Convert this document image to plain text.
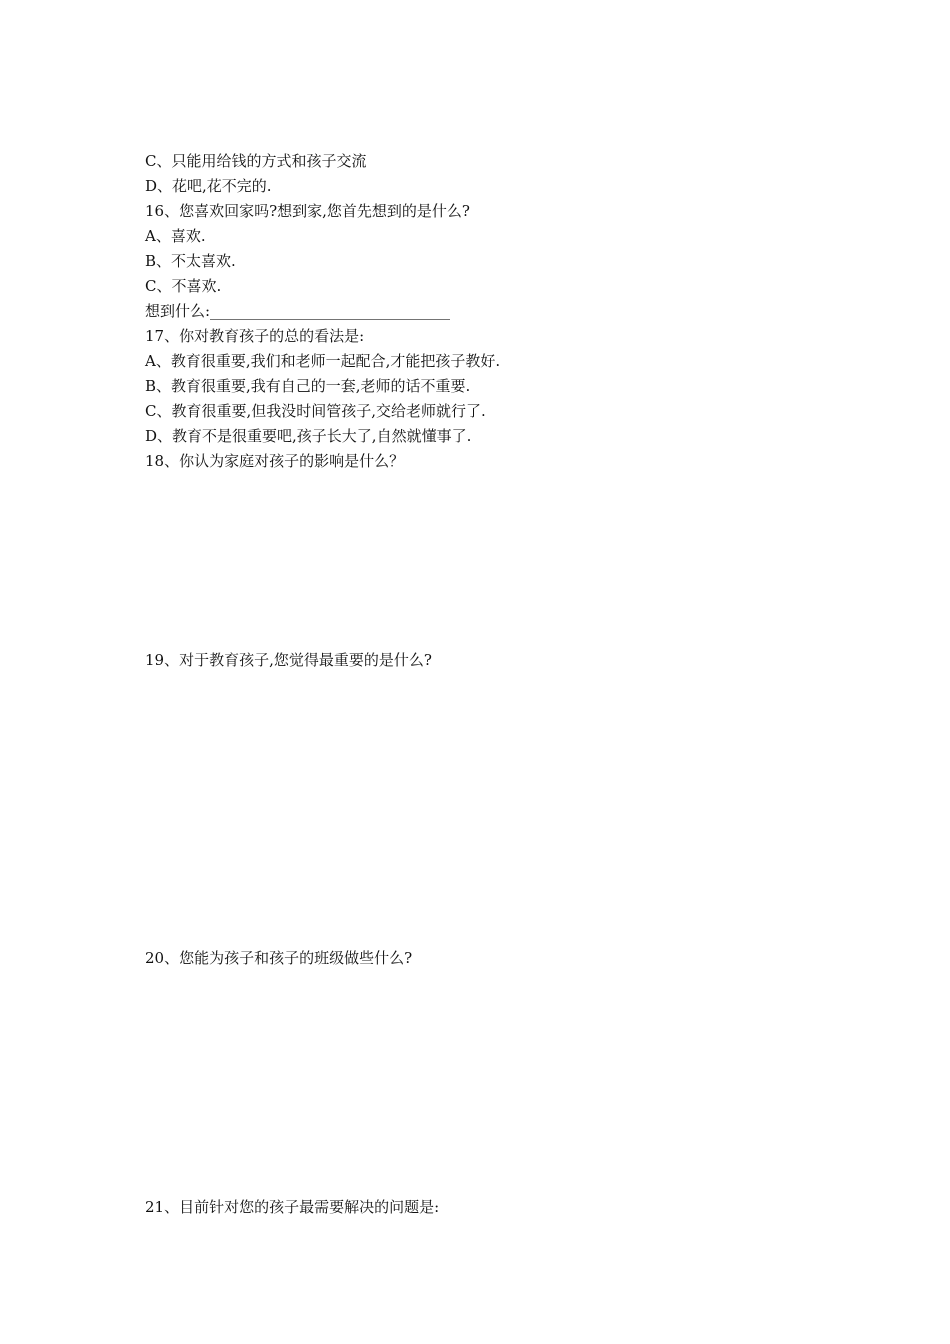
C、只能用给钱的方式和孩子交流
D、花吧,花不完的.
16、您喜欢回家吗?想到家,您首先想到的是什么?
A、喜欢.
B、不太喜欢.
C、不喜欢.
想到什么:________________________________
17、你对教育孩子的总的看法是:
A、教育很重要,我们和老师一起配合,才能把孩子教好.
B、教育很重要,我有自己的一套,老师的话不重要.
C、教育很重要,但我没时间管孩子,交给老师就行了.
D、教育不是很重要吧,孩子长大了,自然就懂事了.
18、你认为家庭对孩子的影响是什么？
19、对于教育孩子,您觉得最重要的是什么?
20、您能为孩子和孩子的班级做些什么?
21、目前针对您的孩子最需要解决的问题是:
